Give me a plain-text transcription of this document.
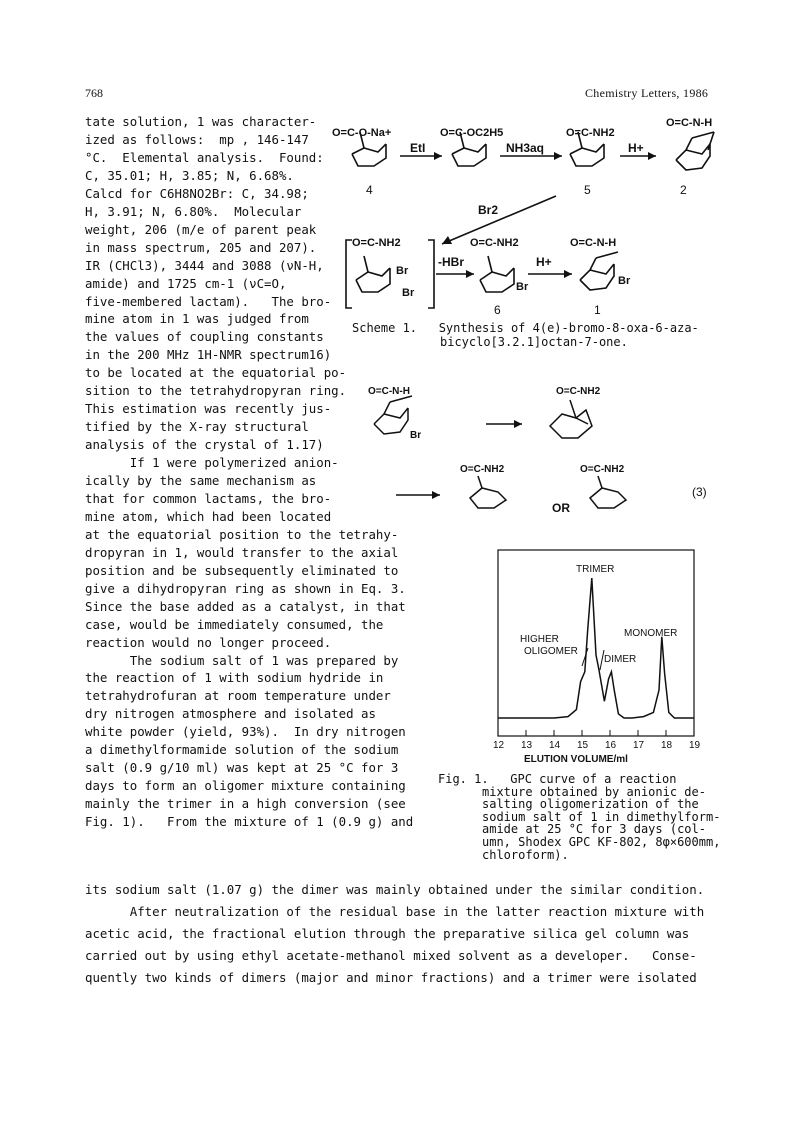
768	Chemistry Letters, 1986
tate solution, 1 was character-
ized as follows:  mp , 146-147
°C.  Elemental analysis.  Found:
C, 35.01; H, 3.85; N, 6.68%.
Calcd for C6H8NO2Br: C, 34.98;
H, 3.91; N, 6.80%.  Molecular
weight, 206 (m/e of parent peak
in mass spectrum, 205 and 207).
IR (CHCl3), 3444 and 3088 (νN-H,
amide) and 1725 cm-1 (νC=O,
five-membered lactam).   The bro-
mine atom in 1 was judged from
the values of coupling constants
in the 200 MHz 1H-NMR spectrum16)
to be located at the equatorial po-
sition to the tetrahydropyran ring.
This estimation was recently jus-
tified by the X-ray structural
analysis of the crystal of 1.17)
If 1 were polymerized anion-
ically by the same mechanism as
that for common lactams, the bro-
mine atom, which had been located
at the equatorial position to the tetrahy-
dropyran in 1, would transfer to the axial
position and be subsequently eliminated to
give a dihydropyran ring as shown in Eq. 3.
Since the base added as a catalyst, in that
case, would be immediately consumed, the
reaction would no longer proceed.
The sodium salt of 1 was prepared by
the reaction of 1 with sodium hydride in
tetrahydrofuran at room temperature under
dry nitrogen atmosphere and isolated as
white powder (yield, 93%).  In dry nitrogen
a dimethylformamide solution of the sodium
salt (0.9 g/10 ml) was kept at 25 °C for 3
days to form an oligomer mixture containing
mainly the trimer in a high conversion (see
Fig. 1).   From the mixture of 1 (0.9 g) and
its sodium salt (1.07 g) the dimer was mainly obtained under the similar condition.
After neutralization of the residual base in the latter reaction mixture with
acetic acid, the fractional elution through the preparative silica gel column was
carried out by using ethyl acetate-methanol mixed solvent as a developer.   Conse-
quently two kinds of dimers (major and minor fractions) and a trimer were isolated
O=C-O-Na+	O=C-OC2H5	O=C-NH2
O=C-N-H
O=C-NH2	O=C-NH2	O=C-N-H
Br
Br	Br	Br
EtI	NH3aq	H+
Br2
-HBr	H+
4	5	2
6	1
Scheme 1.   Synthesis of 4(e)-bromo-8-oxa-6-aza-
bicyclo[3.2.1]octan-7-one.
O=C-N-H
Br
O=C-NH2
O=C-NH2	O=C-NH2
OR
(3)
12 13 14 15 16 17 18 19
TRIMER
MONOMER
HIGHER
OLIGOMER
DIMER
ELUTION VOLUME/ml
Fig. 1.   GPC curve of a reaction
mixture obtained by anionic de-
salting oligomerization of the
sodium salt of 1 in dimethylform-
amide at 25 °C for 3 days (col-
umn, Shodex GPC KF-802, 8φ×600mm,
chloroform).
